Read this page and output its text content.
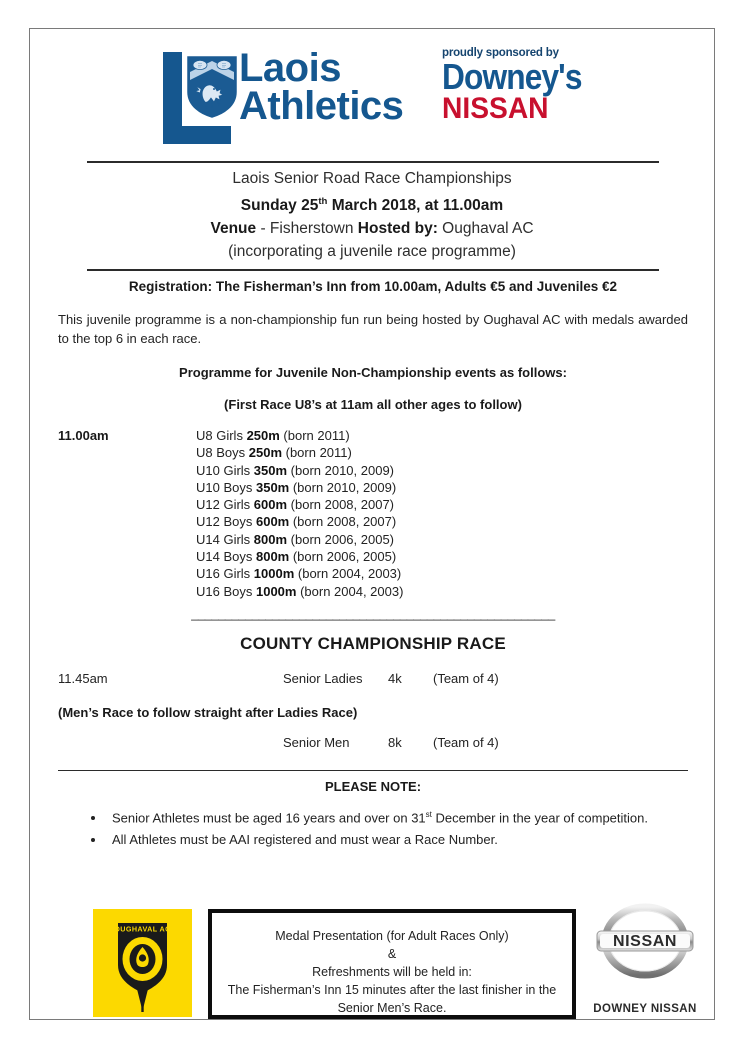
Laois
Athletics
proudly sponsored by
Downey's
NISSAN
Laois Senior Road Race Championships
Sunday 25th March 2018, at 11.00am
Venue - Fisherstown Hosted by: Oughaval AC
(incorporating a juvenile race programme)
Registration: The Fisherman’s Inn from 10.00am, Adults €5 and Juveniles €2
This juvenile programme is a non-championship fun run being hosted by Oughaval AC with medals awarded to the top 6 in each race.
Programme for Juvenile Non-Championship events as follows:
(First Race U8’s at 11am all other ages to follow)
11.00am	U8 Girls 250m (born 2011)
U8 Boys 250m (born 2011)
U10 Girls 350m (born 2010, 2009)
U10 Boys 350m (born 2010, 2009)
U12 Girls 600m (born 2008, 2007)
U12 Boys 600m (born 2008, 2007)
U14 Girls 800m (born 2006, 2005)
U14 Boys 800m (born 2006, 2005)
U16 Girls 1000m (born 2004, 2003)
U16 Boys 1000m (born 2004, 2003)
______________________________________________________
COUNTY CHAMPIONSHIP RACE
11.45am	Senior Ladies 4k (Team of 4)
(Men’s Race to follow straight after Ladies Race)
Senior Men	8k (Team of 4)
PLEASE NOTE:
• Senior Athletes must be aged 16 years and over on 31st December in the year of competition.
• All Athletes must be AAI registered and must wear a Race Number.
OUGHAVAL AC	Medal Presentation (for Adult Races Only)
&
Refreshments will be held in:
The Fisherman’s Inn 15 minutes after the last finisher in the
Senior Men’s Race.
NISSAN
DOWNEY NISSAN
